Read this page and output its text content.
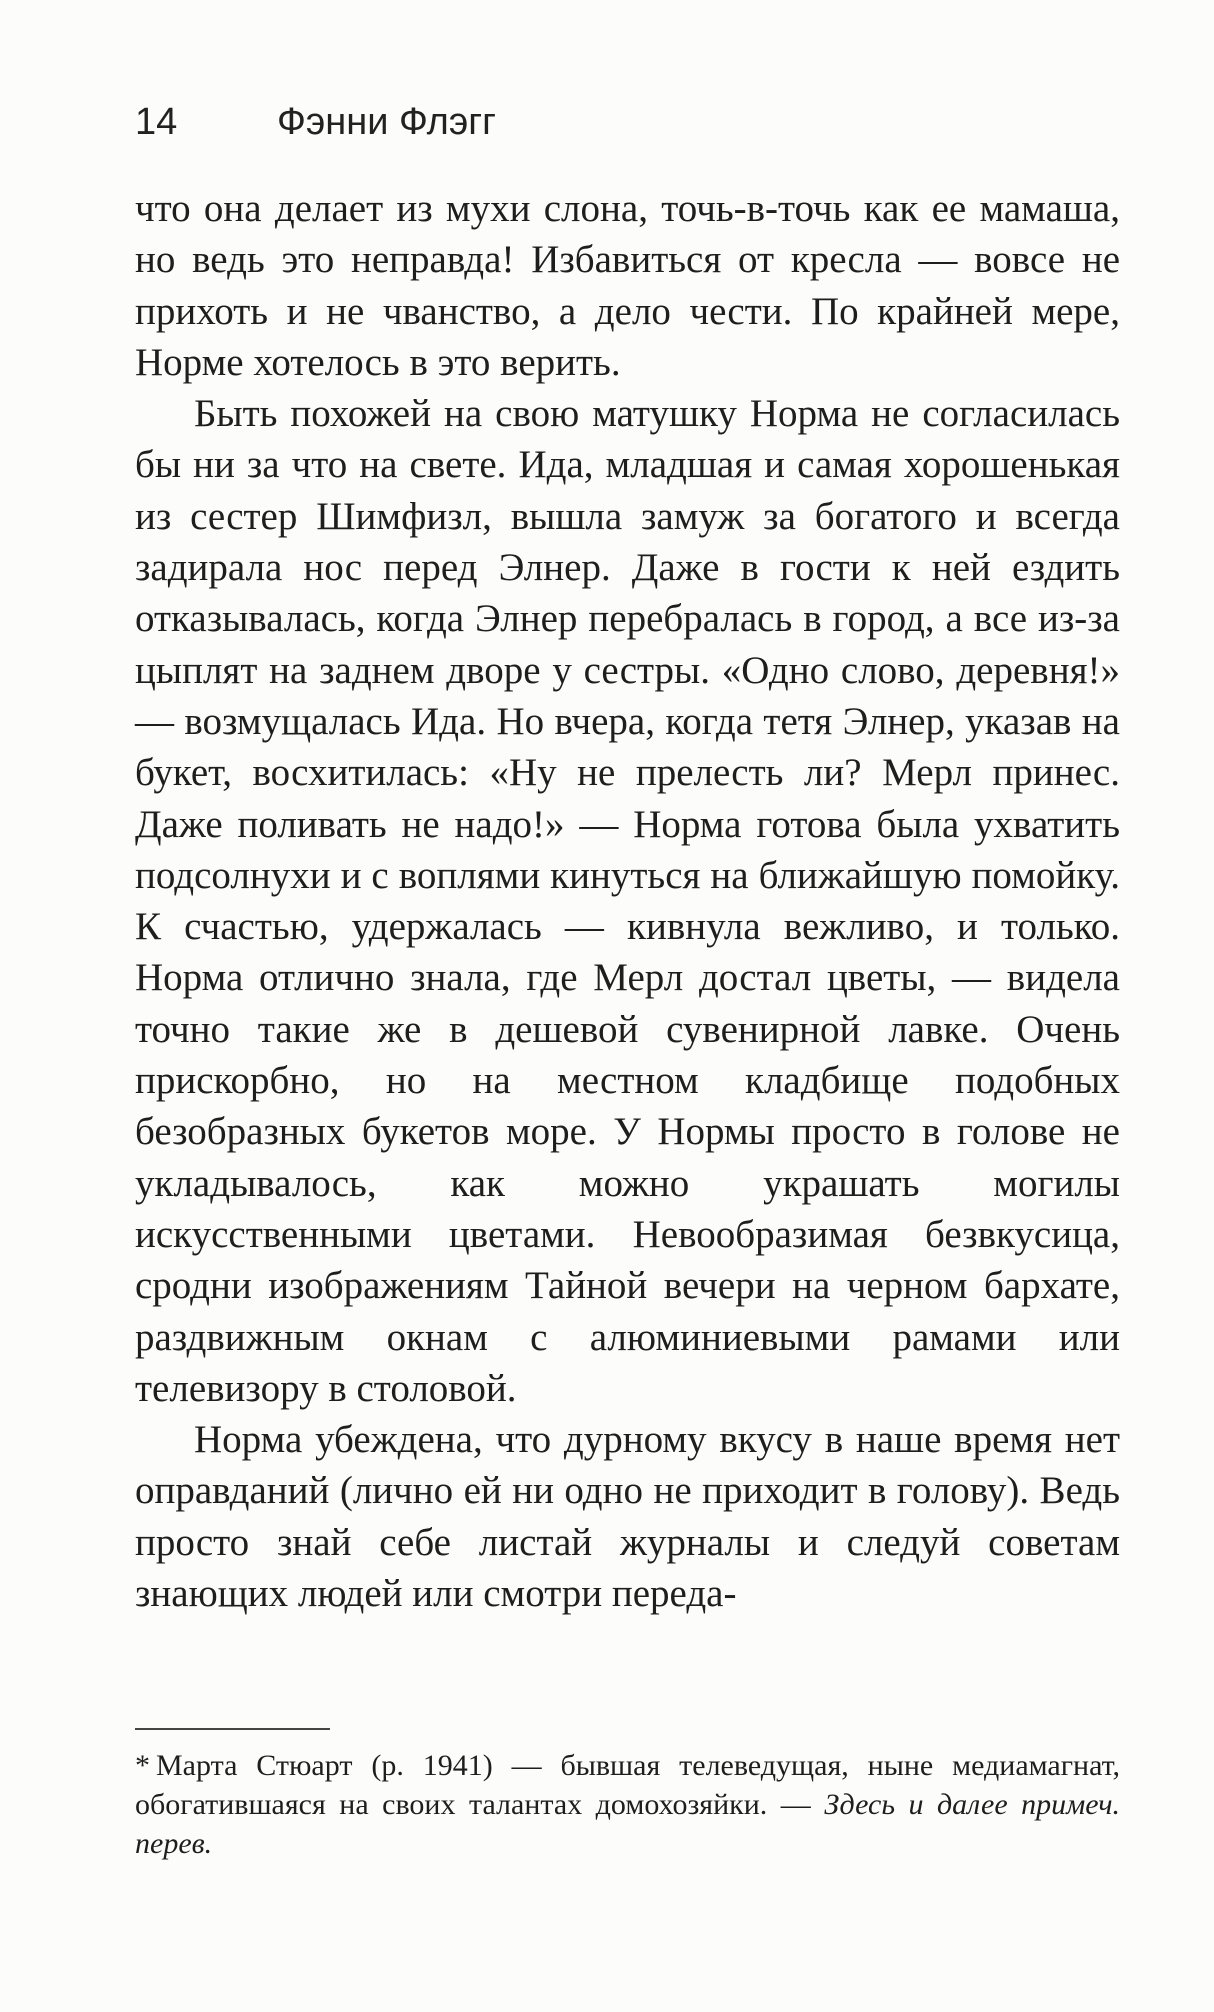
14	Фэнни Флэгг

что она делает из мухи слона, точь-в-точь как ее мамаша, но ведь это неправда! Избавиться от кресла — вовсе не прихоть и не чванство, а дело чести. По крайней мере, Норме хотелось в это верить.

Быть похожей на свою матушку Норма не согласилась бы ни за что на свете. Ида, младшая и самая хорошенькая из сестер Шимфизл, вышла замуж за богатого и всегда задирала нос перед Элнер. Даже в гости к ней ездить отказывалась, когда Элнер перебралась в город, а все из-за цыплят на заднем дворе у сестры. «Одно слово, деревня!» — возмущалась Ида. Но вчера, когда тетя Элнер, указав на букет, восхитилась: «Ну не прелесть ли? Мерл принес. Даже поливать не надо!» — Норма готова была ухватить подсолнухи и с воплями кинуться на ближайшую помойку. К счастью, удержалась — кивнула вежливо, и только. Норма отлично знала, где Мерл достал цветы, — видела точно такие же в дешевой сувенирной лавке. Очень прискорбно, но на местном кладбище подобных безобразных букетов море. У Нормы просто в голове не укладывалось, как можно украшать могилы искусственными цветами. Невообразимая безвкусица, сродни изображениям Тайной вечери на черном бархате, раздвижным окнам с алюминиевыми рамами или телевизору в столовой.

Норма убеждена, что дурному вкусу в наше время нет оправданий (лично ей ни одно не приходит в голову). Ведь просто знай себе листай журналы и следуй советам знающих людей или смотри переда-

* Марта Стюарт (р. 1941) — бывшая телеведущая, ныне медиамагнат, обогатившаяся на своих талантах домохозяйки. — Здесь и далее примеч. перев.
